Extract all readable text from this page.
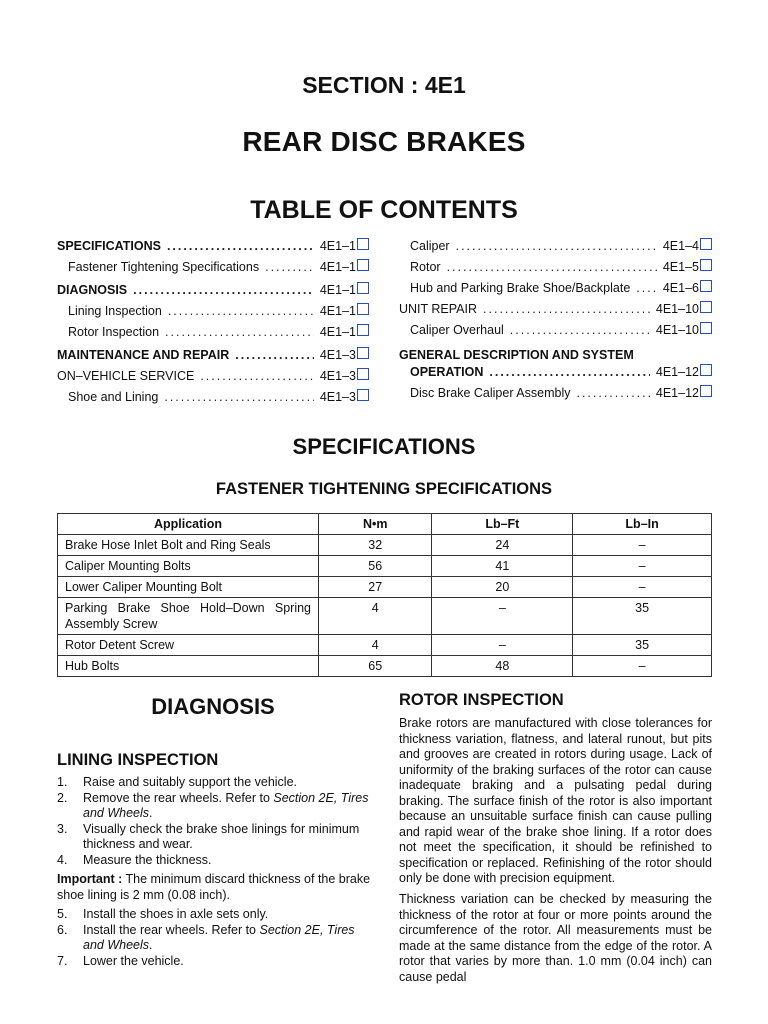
SECTION : 4E1
REAR DISC BRAKES
TABLE OF CONTENTS
SPECIFICATIONS .....	4E1–1
Fastener Tightening Specifications .....	4E1–1
DIAGNOSIS .....	4E1–1
Lining Inspection .....	4E1–1
Rotor Inspection .....	4E1–1
MAINTENANCE AND REPAIR .....	4E1–3
ON–VEHICLE SERVICE .....	4E1–3
Shoe and Lining .....	4E1–3
Caliper .....	4E1–4
Rotor .....	4E1–5
Hub and Parking Brake Shoe/Backplate .....	4E1–6
UNIT REPAIR .....	4E1–10
Caliper Overhaul .....	4E1–10
GENERAL DESCRIPTION AND SYSTEM
OPERATION .....	4E1–12
Disc Brake Caliper Assembly .....	4E1–12
SPECIFICATIONS
FASTENER TIGHTENING SPECIFICATIONS
Application	N•m	Lb–Ft	Lb–In
Brake Hose Inlet Bolt and Ring Seals	32	24	–
Caliper Mounting Bolts	56	41	–
Lower Caliper Mounting Bolt	27	20	–
Parking Brake Shoe Hold–Down Spring Assembly Screw	4	–	35
Rotor Detent Screw	4	–	35
Hub Bolts	65	48	–
DIAGNOSIS
LINING INSPECTION
1.	Raise and suitably support the vehicle.
2.	Remove the rear wheels. Refer to Section 2E, Tires and Wheels.
3.	Visually check the brake shoe linings for minimum thickness and wear.
4.	Measure the thickness.
Important : The minimum discard thickness of the brake shoe lining is 2 mm (0.08 inch).
5.	Install the shoes in axle sets only.
6.	Install the rear wheels. Refer to Section 2E, Tires and Wheels.
7.	Lower the vehicle.
ROTOR INSPECTION
Brake rotors are manufactured with close tolerances for thickness variation, flatness, and lateral runout, but pits and grooves are created in rotors during usage. Lack of uniformity of the braking surfaces of the rotor can cause inadequate braking and a pulsating pedal during braking. The surface finish of the rotor is also important because an unsuitable surface finish can cause pulling and rapid wear of the brake shoe lining. If a rotor does not meet the specification, it should be refinished to specification or replaced. Refinishing of the rotor should only be done with precision equipment.
Thickness variation can be checked by measuring the thickness of the rotor at four or more points around the circumference of the rotor. All measurements must be made at the same distance from the edge of the rotor. A rotor that varies by more than. 1.0 mm (0.04 inch) can cause pedal
